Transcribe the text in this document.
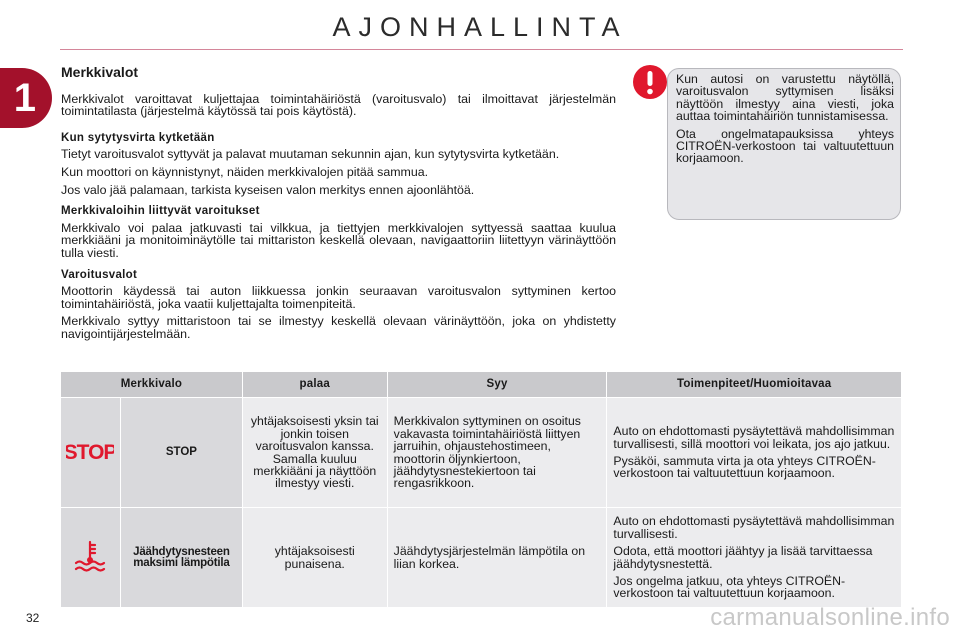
AJONHALLINTA
1
Merkkivalot

Merkkivalot varoittavat kuljettajaa toimintahäiriöstä (varoitusvalo) tai ilmoittavat järjestelmän toimintatilasta (järjestelmä käytössä tai pois käytöstä).

Kun sytytysvirta kytketään

Tietyt varoitusvalot syttyvät ja palavat muutaman sekunnin ajan, kun sytytysvirta kytketään.

Kun moottori on käynnistynyt, näiden merkkivalojen pitää sammua.

Jos valo jää palamaan, tarkista kyseisen valon merkitys ennen ajoonlähtöä.

Merkkivaloihin liittyvät varoitukset

Merkkivalo voi palaa jatkuvasti tai vilkkua, ja tiettyjen merkkivalojen syttyessä saattaa kuulua merkkiääni ja monitoiminäytölle tai mittariston keskellä olevaan, navigaattoriin liitettyyn värinäyttöön tulla viesti.

Varoitusvalot

Moottorin käydessä tai auton liikkuessa jonkin seuraavan varoitusvalon syttyminen kertoo toimintahäiriöstä, joka vaatii kuljettajalta toimenpiteitä.

Merkkivalo syttyy mittaristoon tai se ilmestyy keskellä olevaan värinäyttöön, joka on yhdistetty navigointijärjestelmään.

Kun autosi on varustettu näytöllä, varoitusvalon syttymisen lisäksi näyttöön ilmestyy aina viesti, joka auttaa toimintahäiriön tunnistamisessa.

Ota ongelmatapauksissa yhteys CITROËN-verkostoon tai valtuutettuun korjaamoon.

Merkkivalo		palaa	Syy	Toimenpiteet/Huomioitavaa

STOP	STOP	yhtäjaksoisesti yksin tai jonkin toisen varoitusvalon kanssa. Samalla kuuluu merkkiääni ja näyttöön ilmestyy viesti.	Merkkivalon syttyminen on osoitus vakavasta toimintahäiriöstä liittyen jarruihin, ohjaustehostimeen, moottorin öljynkiertoon, jäähdytysnestekiertoon tai rengasrikkoon.	Auto on ehdottomasti pysäytettävä mahdollisimman turvallisesti, sillä moottori voi leikata, jos ajo jatkuu.

Pysäköi, sammuta virta ja ota yhteys CITROËN-verkostoon tai valtuutettuun korjaamoon.

	Jäähdytysnesteen maksimi lämpötila	yhtäjaksoisesti punaisena.	Jäähdytysjärjestelmän lämpötila on liian korkea.	Auto on ehdottomasti pysäytettävä mahdollisimman turvallisesti.

Odota, että moottori jäähtyy ja lisää tarvittaessa jäähdytysnestettä.

Jos ongelma jatkuu, ota yhteys CITROËN-verkostoon tai valtuutettuun korjaamoon.

32	carmanualsonline.info
